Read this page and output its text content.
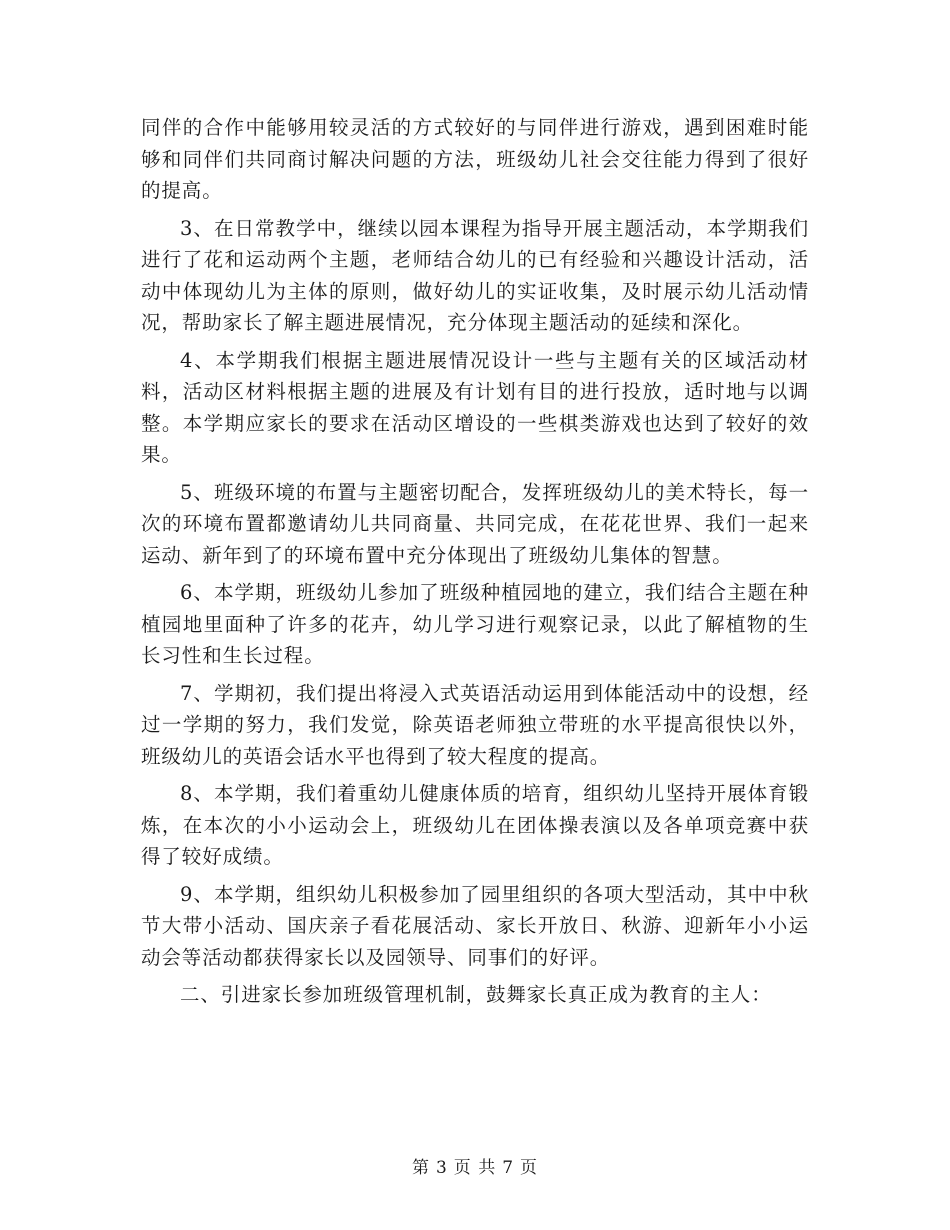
同伴的合作中能够用较灵活的方式较好的与同伴进行游戏，遇到困难时能够和同伴们共同商讨解决问题的方法，班级幼儿社会交往能力得到了很好的提高。

3、在日常教学中，继续以园本课程为指导开展主题活动，本学期我们进行了花和运动两个主题，老师结合幼儿的已有经验和兴趣设计活动，活动中体现幼儿为主体的原则，做好幼儿的实证收集，及时展示幼儿活动情况，帮助家长了解主题进展情况，充分体现主题活动的延续和深化。

4、本学期我们根据主题进展情况设计一些与主题有关的区域活动材料，活动区材料根据主题的进展及有计划有目的进行投放，适时地与以调整。本学期应家长的要求在活动区增设的一些棋类游戏也达到了较好的效果。

5、班级环境的布置与主题密切配合，发挥班级幼儿的美术特长，每一次的环境布置都邀请幼儿共同商量、共同完成，在花花世界、我们一起来运动、新年到了的环境布置中充分体现出了班级幼儿集体的智慧。

6、本学期，班级幼儿参加了班级种植园地的建立，我们结合主题在种植园地里面种了许多的花卉，幼儿学习进行观察记录，以此了解植物的生长习性和生长过程。

7、学期初，我们提出将浸入式英语活动运用到体能活动中的设想，经过一学期的努力，我们发觉，除英语老师独立带班的水平提高很快以外，班级幼儿的英语会话水平也得到了较大程度的提高。

8、本学期，我们着重幼儿健康体质的培育，组织幼儿坚持开展体育锻炼，在本次的小小运动会上，班级幼儿在团体操表演以及各单项竞赛中获得了较好成绩。

9、本学期，组织幼儿积极参加了园里组织的各项大型活动，其中中秋节大带小活动、国庆亲子看花展活动、家长开放日、秋游、迎新年小小运动会等活动都获得家长以及园领导、同事们的好评。

二、引进家长参加班级管理机制，鼓舞家长真正成为教育的主人：

第 3 页 共 7 页
